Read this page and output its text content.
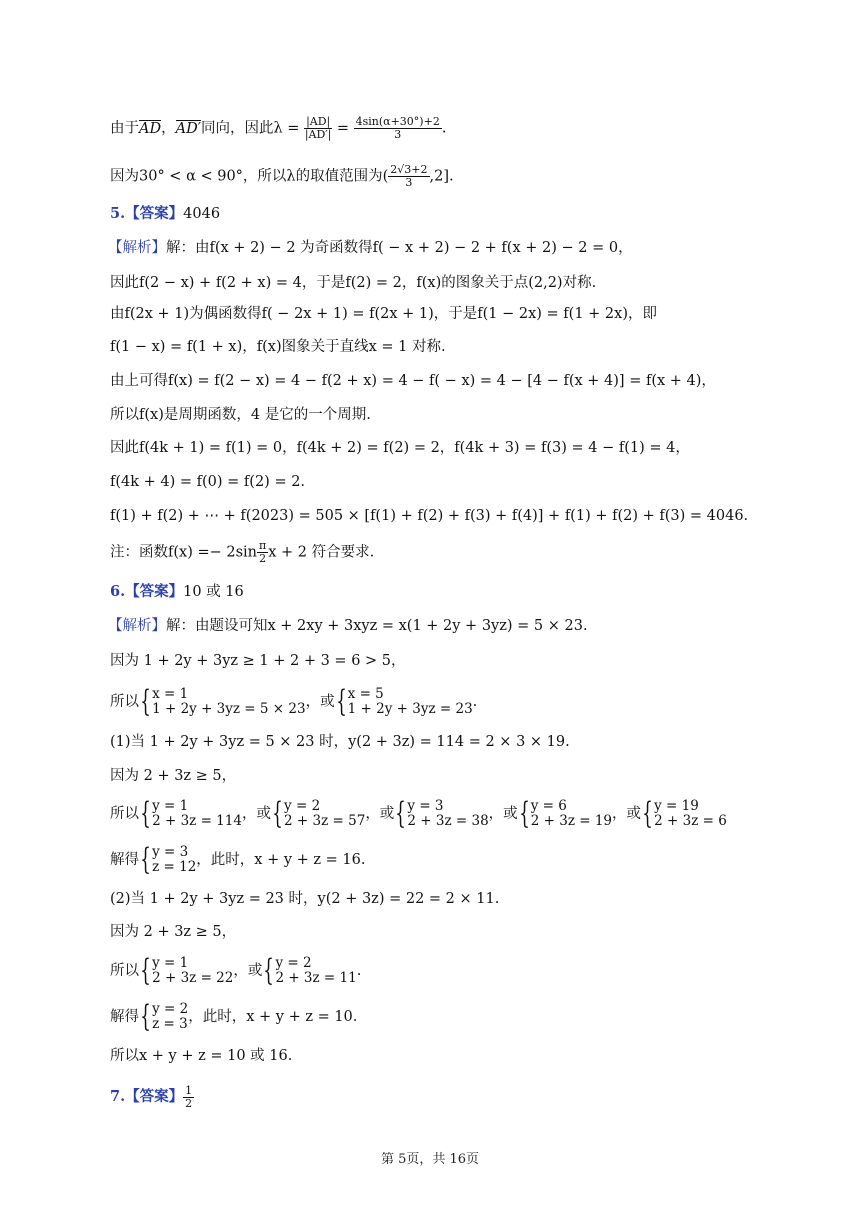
由于AD，AD′同向，因此$\lambda = \frac{|AD|}{|AD'|} = \frac{4\sin(\alpha+30^\circ)+2}{3}$ .
因为30° < α < 90°，所以λ的取值范围为( $\frac{2√3+2}{3} ,2$].
5.【答案】4046
【解析】解：由f(x + 2) − 2 为奇函数得f( − x + 2) − 2 + f(x + 2) − 2 = 0，
因此f(2 − x) + f(2 + x) = 4，于是f(2) = 2，f(x)的图象关于点(2,2)对称.
由f(2x + 1)为偶函数得f( − 2x + 1) = f(2x + 1)，于是f(1 − 2x) = f(1 + 2x)，即
f(1 − x) = f(1 + x)，f(x)图象关于直线x = 1 对称.
由上可得f(x) = f(2 − x) = 4 − f(2 + x) = 4 − f( − x) = 4 − [4 − f(x + 4)] = f(x + 4)，
所以f(x)是周期函数，4 是它的一个周期.
因此f(4k + 1) = f(1) = 0，f(4k + 2) = f(2) = 2，f(4k + 3) = f(3) = 4 − f(1) = 4，
f(4k + 4) = f(0) = f(2) = 2.
f(1) + f(2) + ⋯ + f(2023) = 505 × [f(1) + f(2) + f(3) + f(4)] + f(1) + f(2) + f(3) = 4046.
注：函数$f(x) =- 2\sin \frac{\pi}{2}$ x + 2 符合要求.
6.【答案】10 或 16
【解析】解：由题设可知x + 2xy + 3xyz = x(1 + 2y + 3yz) = 5 × 23.
因为 1 + 2y + 3yz ≥ 1 + 2 + 3 = 6 > 5，
所以{ x = 1
1 + 2y + 3yz = 5 × 23 ，或{ x = 5
1 + 2y + 3yz = 23 .
(1)当 1 + 2y + 3yz = 5 × 23 时，y(2 + 3z) = 114 = 2 × 3 × 19.
因为 2 + 3z ≥ 5，
所以{ y = 1
2 + 3z = 114 ，或{ y = 2
2 + 3z = 57 ，或{ y = 3
2 + 3z = 38 ，或{ y = 6
2 + 3z = 19 ，或{ y = 19
2 + 3z = 6
解得{ y = 3
z = 12 ，此时，x + y + z = 16.
(2)当 1 + 2y + 3yz = 23 时，y(2 + 3z) = 22 = 2 × 11.
因为 2 + 3z ≥ 5，
所以{ y = 1
2 + 3z = 22 ，或{ y = 2
2 + 3z = 11 .
解得{ y = 2
z = 3 ，此时，x + y + z = 10.
所以x + y + z = 10 或 16.
7.【答案】 $\frac{1}{2}$
第 5页，共 16页
